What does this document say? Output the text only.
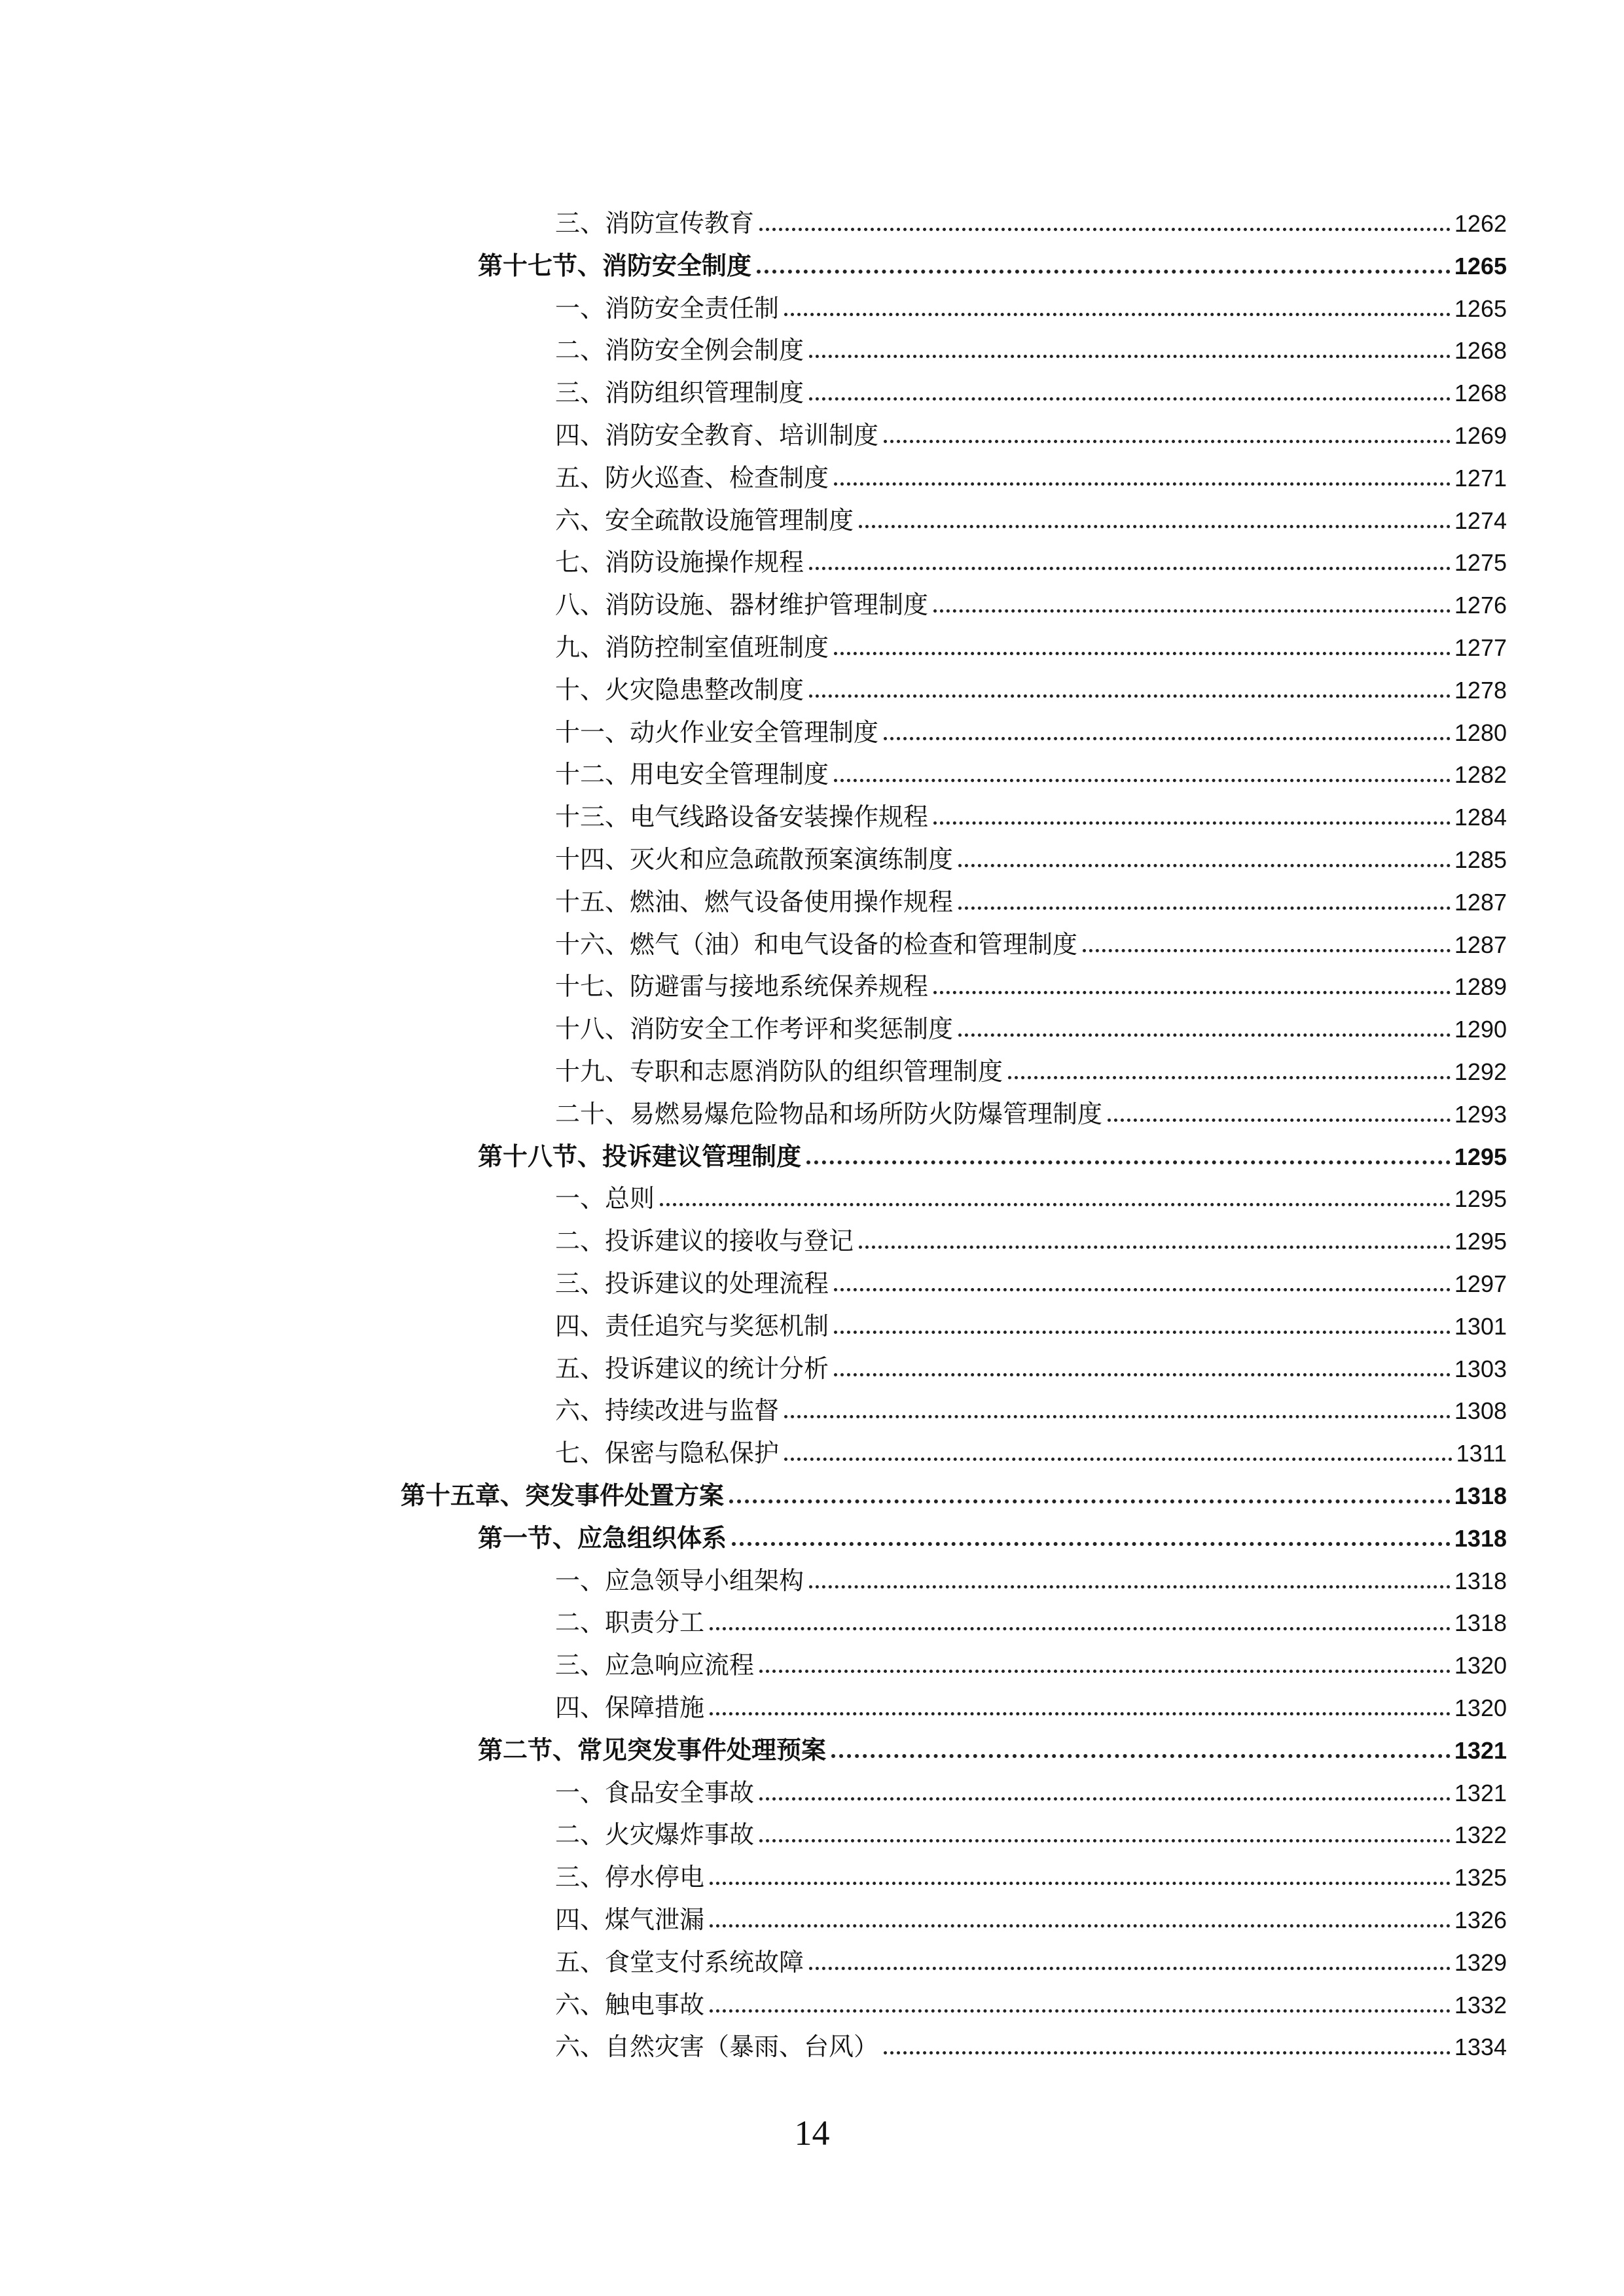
三、消防宣传教育	1262
第十七节、消防安全制度	1265
一、消防安全责任制	1265
二、消防安全例会制度	1268
三、消防组织管理制度	1268
四、消防安全教育、培训制度	1269
五、防火巡查、检查制度	1271
六、安全疏散设施管理制度	1274
七、消防设施操作规程	1275
八、消防设施、器材维护管理制度	1276
九、消防控制室值班制度	1277
十、火灾隐患整改制度	1278
十一、动火作业安全管理制度	1280
十二、用电安全管理制度	1282
十三、电气线路设备安装操作规程	1284
十四、灭火和应急疏散预案演练制度	1285
十五、燃油、燃气设备使用操作规程	1287
十六、燃气（油）和电气设备的检查和管理制度	1287
十七、防避雷与接地系统保养规程	1289
十八、消防安全工作考评和奖惩制度	1290
十九、专职和志愿消防队的组织管理制度	1292
二十、易燃易爆危险物品和场所防火防爆管理制度	1293
第十八节、投诉建议管理制度	1295
一、总则	1295
二、投诉建议的接收与登记	1295
三、投诉建议的处理流程	1297
四、责任追究与奖惩机制	1301
五、投诉建议的统计分析	1303
六、持续改进与监督	1308
七、保密与隐私保护	1311
第十五章、突发事件处置方案	1318
第一节、应急组织体系	1318
一、应急领导小组架构	1318
二、职责分工	1318
三、应急响应流程	1320
四、保障措施	1320
第二节、常见突发事件处理预案	1321
一、食品安全事故	1321
二、火灾爆炸事故	1322
三、停水停电	1325
四、煤气泄漏	1326
五、食堂支付系统故障	1329
六、触电事故	1332
六、自然灾害（暴雨、台风）	1334
14
